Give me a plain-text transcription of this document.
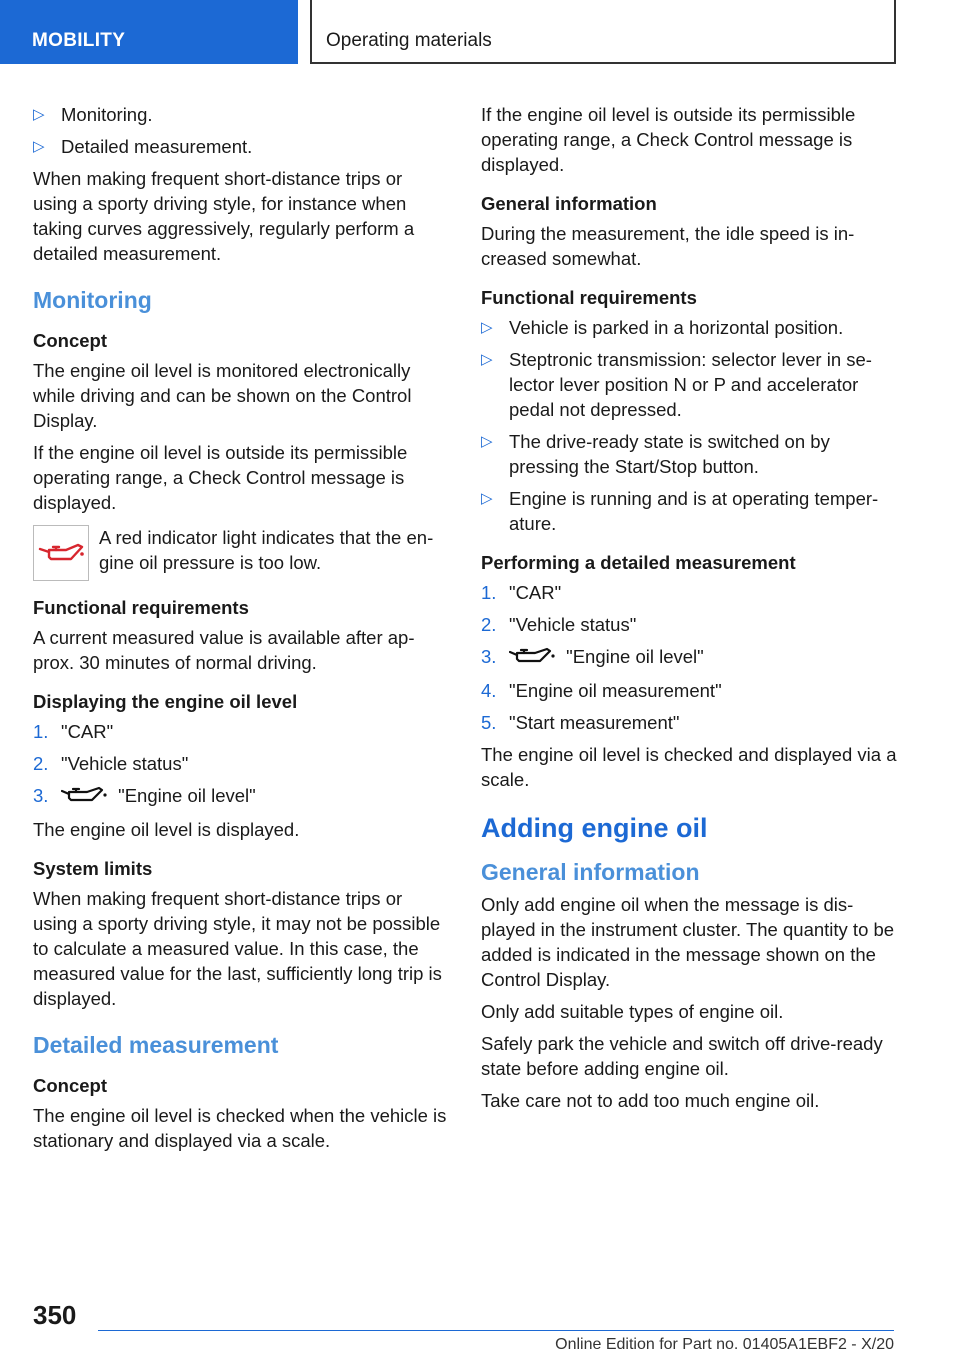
MOBILITY	Operating materials
▷ Monitoring.
▷ Detailed measurement.

When making frequent short-distance trips or using a sporty driving style, for instance when taking curves aggressively, regularly perform a detailed measurement.

Monitoring
Concept

The engine oil level is monitored electronically while driving and can be shown on the Control Display.

If the engine oil level is outside its permissible operating range, a Check Control message is displayed.

A red indicator light indicates that the engine oil pressure is too low.
Functional requirements

A current measured value is available after approx. 30 minutes of normal driving.

Displaying the engine oil level
1. "CAR"
2. "Vehicle status"
3.	"Engine oil level"

The engine oil level is displayed.

System limits

When making frequent short-distance trips or using a sporty driving style, it may not be possible to calculate a measured value. In this case, the measured value for the last, sufficiently long trip is displayed.

Detailed measurement
Concept

The engine oil level is checked when the vehicle is stationary and displayed via a scale.

If the engine oil level is outside its permissible operating range, a Check Control message is displayed.

General information

During the measurement, the idle speed is increased somewhat.

Functional requirements
▷ Vehicle is parked in a horizontal position.
▷ Steptronic transmission: selector lever in selector lever position N or P and accelerator pedal not depressed.
▷ The drive-ready state is switched on by pressing the Start/Stop button.
▷ Engine is running and is at operating temperature.
Performing a detailed measurement
1. "CAR"
2. "Vehicle status"
3.	"Engine oil level"
4. "Engine oil measurement"
5. "Start measurement"

The engine oil level is checked and displayed via a scale.

Adding engine oil
General information

Only add engine oil when the message is displayed in the instrument cluster. The quantity to be added is indicated in the message shown on the Control Display.

Only add suitable types of engine oil.

Safely park the vehicle and switch off drive-ready state before adding engine oil.

Take care not to add too much engine oil.

350
Online Edition for Part no. 01405A1EBF2 - X/20
